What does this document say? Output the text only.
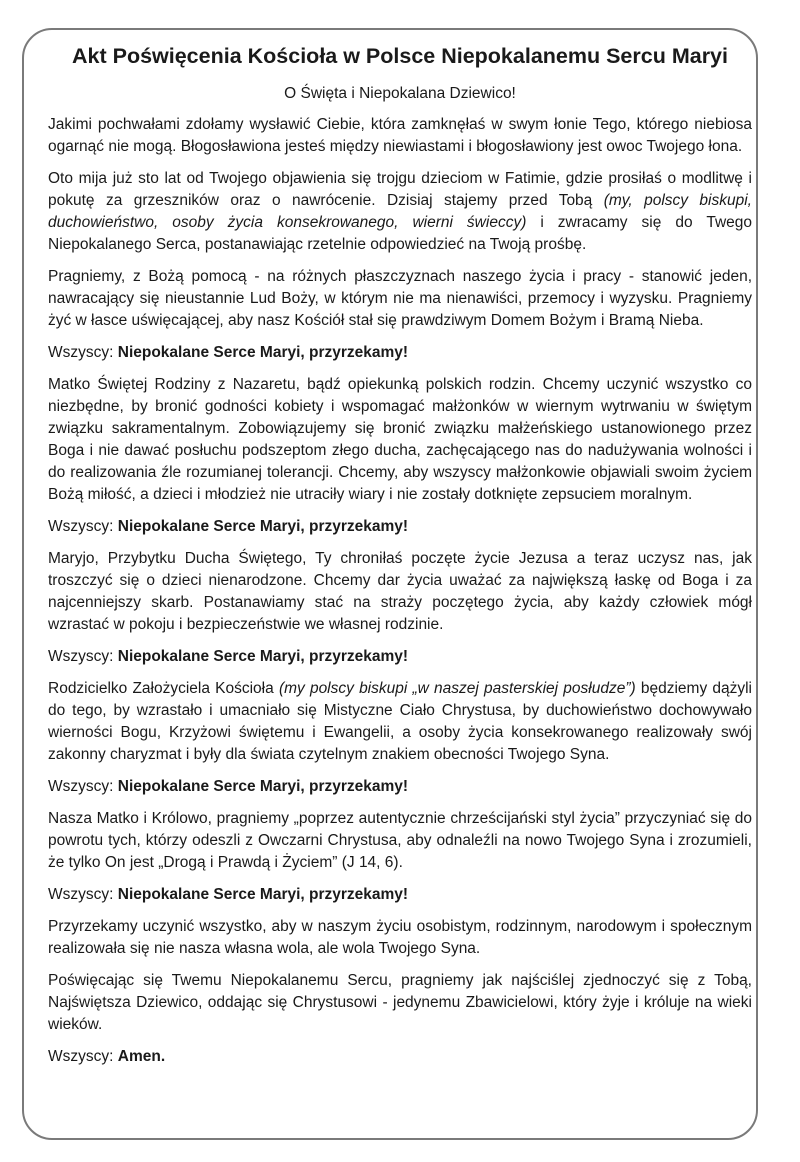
Akt Poświęcenia Kościoła w Polsce Niepokalanemu Sercu Maryi
O Święta i Niepokalana Dziewico!

Jakimi pochwałami zdołamy wysławić Ciebie, która zamknęłaś w swym łonie Tego, którego niebiosa ogarnąć nie mogą. Błogosławiona jesteś między niewiastami i błogosławiony jest owoc Twojego łona.

Oto mija już sto lat od Twojego objawienia się trojgu dzieciom w Fatimie, gdzie prosiłaś o modlitwę i pokutę za grzeszników oraz o nawrócenie. Dzisiaj stajemy przed Tobą (my, polscy biskupi, duchowieństwo, osoby życia konsekrowanego, wierni świeccy) i zwracamy się do Twego Niepokalanego Serca, postanawiając rzetelnie odpowiedzieć na Twoją prośbę.

Pragniemy, z Bożą pomocą - na różnych płaszczyznach naszego życia i pracy - stanowić jeden, nawracający się nieustannie Lud Boży, w którym nie ma nienawiści, przemocy i wyzysku. Pragniemy żyć w łasce uświęcającej, aby nasz Kościół stał się prawdziwym Domem Bożym i Bramą Nieba.

Wszyscy: Niepokalane Serce Maryi, przyrzekamy!

Matko Świętej Rodziny z Nazaretu, bądź opiekunką polskich rodzin. Chcemy uczynić wszystko co niezbędne, by bronić godności kobiety i wspomagać małżonków w wiernym wytrwaniu w świętym związku sakramentalnym. Zobowiązujemy się bronić związku małżeńskiego ustanowionego przez Boga i nie dawać posłuchu podszeptom złego ducha, zachęcającego nas do nadużywania wolności i do realizowania źle rozumianej tolerancji. Chcemy, aby wszyscy małżonkowie objawiali swoim życiem Bożą miłość, a dzieci i młodzież nie utraciły wiary i nie zostały dotknięte zepsuciem moralnym.

Wszyscy: Niepokalane Serce Maryi, przyrzekamy!

Maryjo, Przybytku Ducha Świętego, Ty chroniłaś poczęte życie Jezusa a teraz uczysz nas, jak troszczyć się o dzieci nienarodzone. Chcemy dar życia uważać za największą łaskę od Boga i za najcenniejszy skarb. Postanawiamy stać na straży poczętego życia, aby każdy człowiek mógł wzrastać w pokoju i bezpieczeństwie we własnej rodzinie.

Wszyscy: Niepokalane Serce Maryi, przyrzekamy!

Rodzicielko Założyciela Kościoła (my polscy biskupi „w naszej pasterskiej posłudze”) będziemy dążyli do tego, by wzrastało i umacniało się Mistyczne Ciało Chrystusa, by duchowieństwo dochowywało wierności Bogu, Krzyżowi świętemu i Ewangelii, a osoby życia konsekrowanego realizowały swój zakonny charyzmat i były dla świata czytelnym znakiem obecności Twojego Syna.

Wszyscy: Niepokalane Serce Maryi, przyrzekamy!

Nasza Matko i Królowo, pragniemy „poprzez autentycznie chrześcijański styl życia” przyczyniać się do powrotu tych, którzy odeszli z Owczarni Chrystusa, aby odnaleźli na nowo Twojego Syna i zrozumieli, że tylko On jest „Drogą i Prawdą i Życiem” (J 14, 6).

Wszyscy: Niepokalane Serce Maryi, przyrzekamy!

Przyrzekamy uczynić wszystko, aby w naszym życiu osobistym, rodzinnym, narodowym i społecznym realizowała się nie nasza własna wola, ale wola Twojego Syna.

Poświęcając się Twemu Niepokalanemu Sercu, pragniemy jak najściślej zjednoczyć się z Tobą, Najświętsza Dziewico, oddając się Chrystusowi - jedynemu Zbawicielowi, który żyje i króluje na wieki wieków.

Wszyscy: Amen.
